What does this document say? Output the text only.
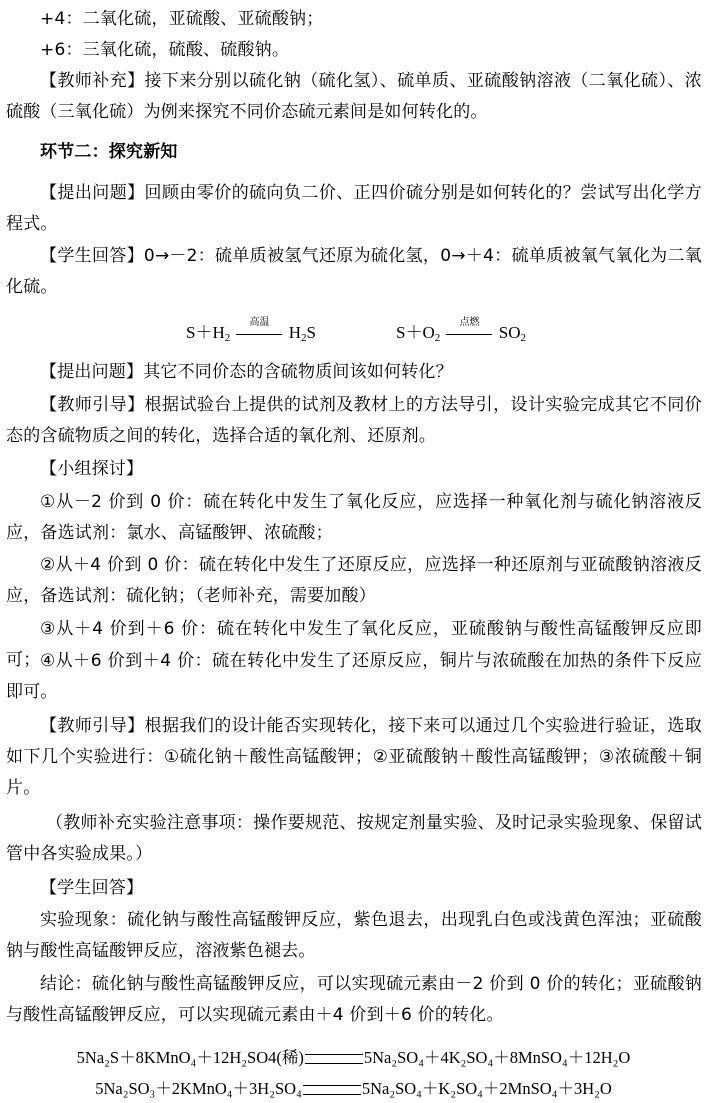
+4：二氧化硫，亚硫酸、亚硫酸钠；

+6：三氧化硫，硫酸、硫酸钠。

【教师补充】接下来分别以硫化钠（硫化氢）、硫单质、亚硫酸钠溶液（二氧化硫）、浓硫酸（三氧化硫）为例来探究不同价态硫元素间是如何转化的。

环节二：探究新知

【提出问题】回顾由零价的硫向负二价、正四价硫分别是如何转化的？尝试写出化学方程式。

【学生回答】0→－2：硫单质被氢气还原为硫化氢，0→＋4：硫单质被氧气氧化为二氧化硫。

$S+H_2$
高温
$H_2S$	$S+O_2$
点燃
$SO_2$

【提出问题】其它不同价态的含硫物质间该如何转化？

【教师引导】根据试验台上提供的试剂及教材上的方法导引，设计实验完成其它不同价态的含硫物质之间的转化，选择合适的氧化剂、还原剂。

【小组探讨】

①从－2 价到 0 价：硫在转化中发生了氧化反应，应选择一种氧化剂与硫化钠溶液反应，备选试剂：氯水、高锰酸钾、浓硫酸；

②从＋4 价到 0 价：硫在转化中发生了还原反应，应选择一种还原剂与亚硫酸钠溶液反应，备选试剂：硫化钠；（老师补充，需要加酸）

③从＋4 价到＋6 价：硫在转化中发生了氧化反应，亚硫酸钠与酸性高锰酸钾反应即可； ④从＋6 价到＋4 价：硫在转化中发生了还原反应，铜片与浓硫酸在加热的条件下反应即可。

【教师引导】根据我们的设计能否实现转化，接下来可以通过几个实验进行验证，选取如下几个实验进行：①硫化钠＋酸性高锰酸钾；②亚硫酸钠＋酸性高锰酸钾；③浓硫酸＋铜片。

（教师补充实验注意事项：操作要规范、按规定剂量实验、及时记录实验现象、保留试管中各实验成果。）

【学生回答】

实验现象：硫化钠与酸性高锰酸钾反应，紫色退去，出现乳白色或浅黄色浑浊；亚硫酸钠与酸性高锰酸钾反应，溶液紫色褪去。

结论：硫化钠与酸性高锰酸钾反应，可以实现硫元素由－2 价到 0 价的转化；亚硫酸钠与酸性高锰酸钾反应，可以实现硫元素由＋4 价到＋6 价的转化。

5Na₂S＋8KMnO₄＋12H₂SO4(稀)	5Na₂SO₄＋4K₂SO₄＋8MnSO₄＋12H₂O
5Na₂SO₃＋2KMnO₄＋3H₂SO₄	5Na₂SO₄＋K₂SO₄＋2MnSO₄＋3H₂O
